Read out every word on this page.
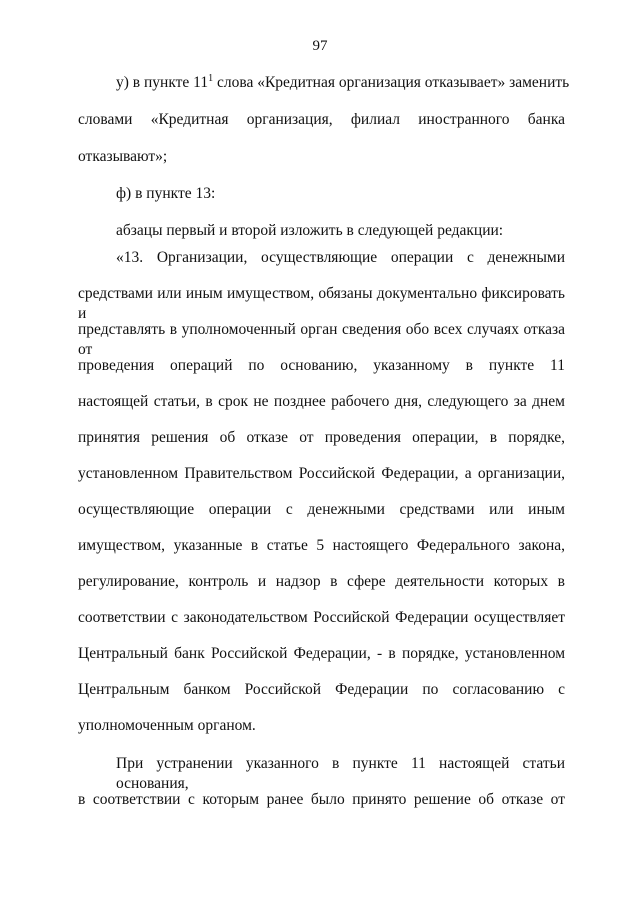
97
у) в пункте $11^1$ слова «Кредитная организация отказывает» заменить
словами «Кредитная организация, филиал иностранного банка
отказывают»;
ф) в пункте 13:
абзацы первый и второй изложить в следующей редакции:
«13. Организации, осуществляющие операции с денежными
средствами или иным имуществом, обязаны документально фиксировать и
представлять в уполномоченный орган сведения обо всех случаях отказа от
проведения операций по основанию, указанному в пункте 11
настоящей статьи, в срок не позднее рабочего дня, следующего за днем
принятия решения об отказе от проведения операции, в порядке,
установленном Правительством Российской Федерации, а организации,
осуществляющие операции с денежными средствами или иным
имуществом, указанные в статье 5 настоящего Федерального закона,
регулирование, контроль и надзор в сфере деятельности которых в
соответствии с законодательством Российской Федерации осуществляет
Центральный банк Российской Федерации, - в порядке, установленном
Центральным банком Российской Федерации по согласованию с
уполномоченным органом.
При устранении указанного в пункте 11 настоящей статьи основания,
в соответствии с которым ранее было принято решение об отказе от
